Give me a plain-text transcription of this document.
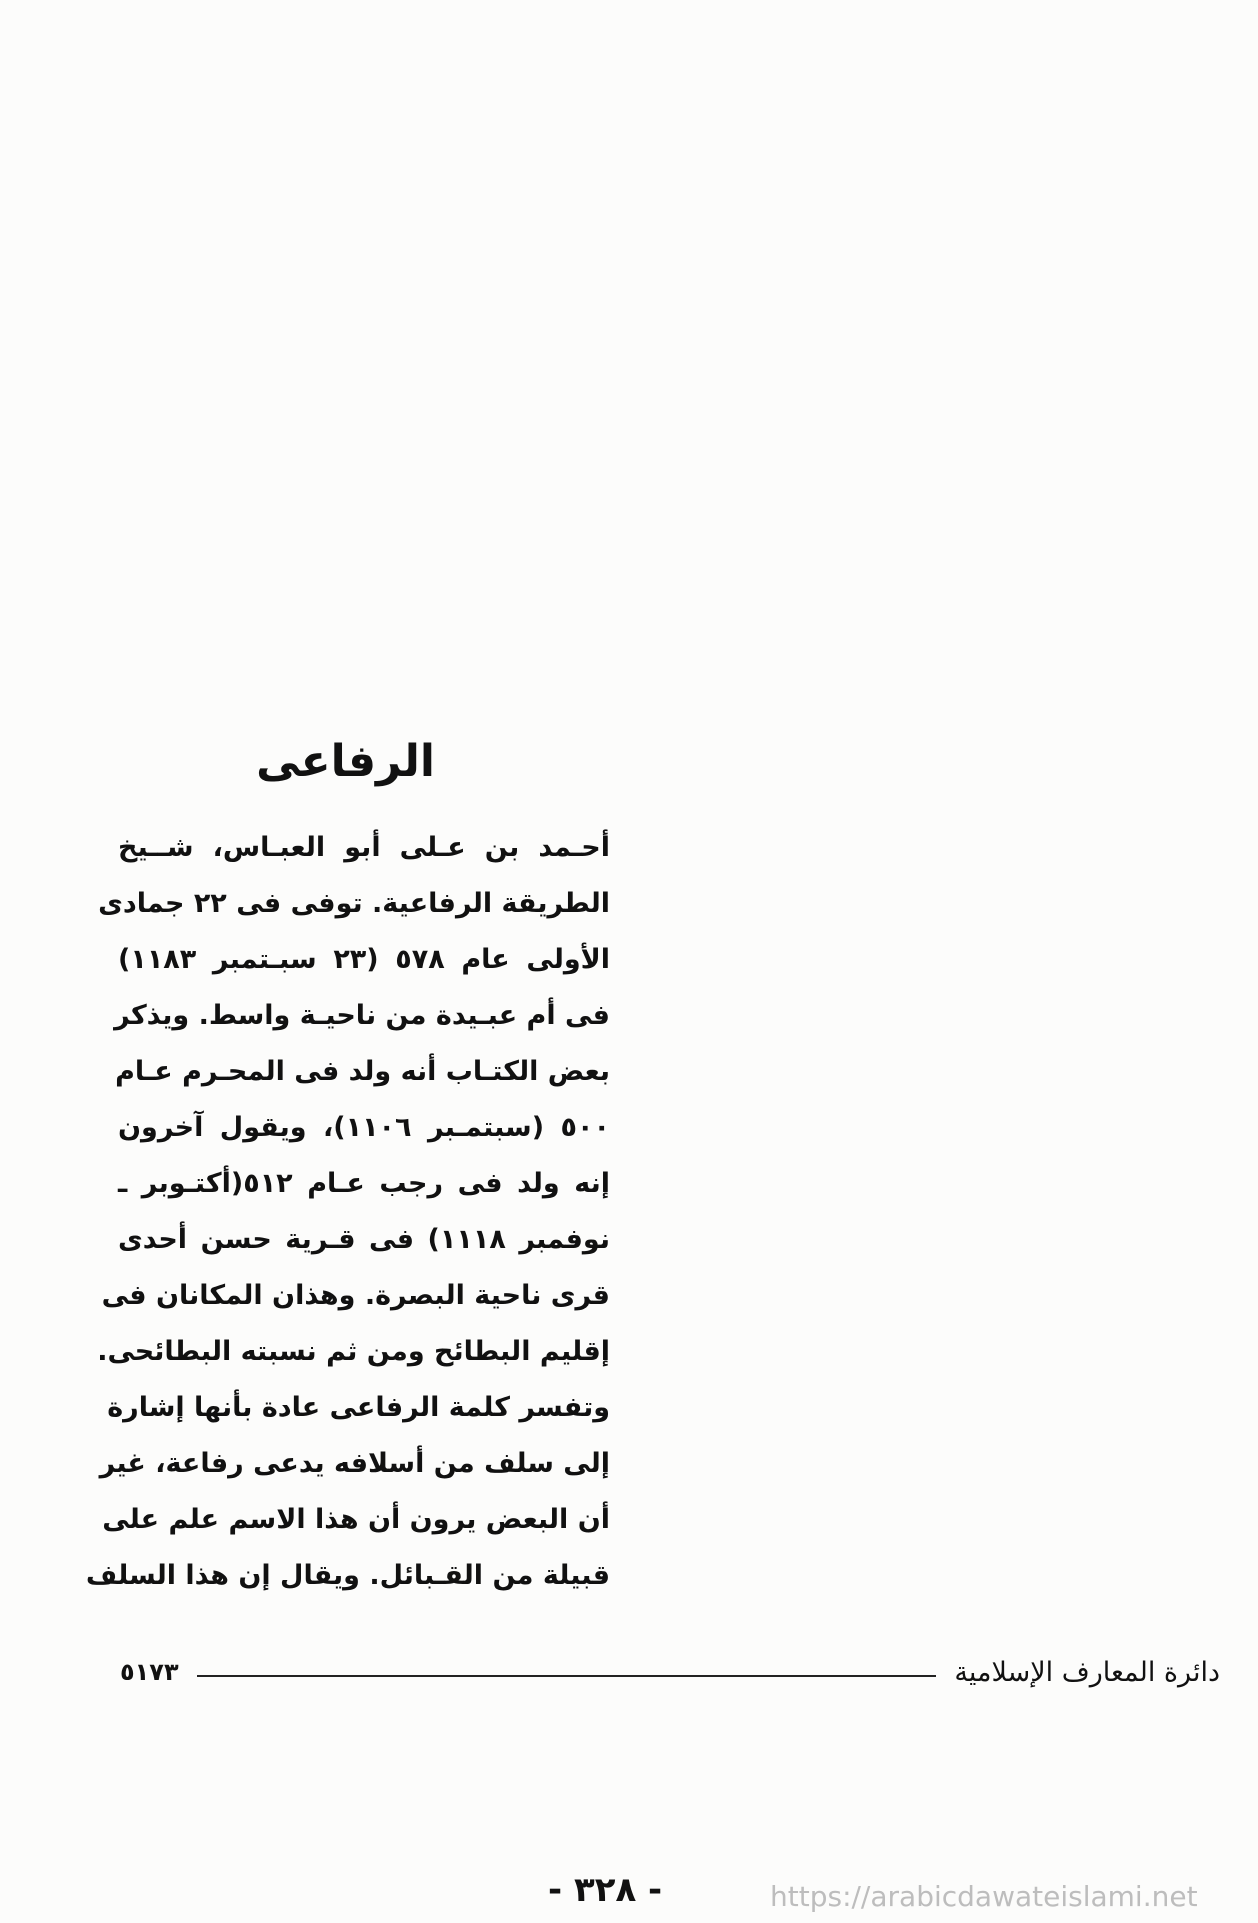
الرفاعى
أحـمد بن عـلى أبو العبـاس، شــيخ
الطريقة الرفاعية. توفى فى ٢٢ جمادى
الأولى عام ٥٧٨ (٢٣ سبـتمبر ١١٨٣)
فى أم عبـيدة من ناحيـة واسط. ويذكر
بعض الكتـاب أنه ولد فى المحـرم عـام
٥٠٠ (سبتمـبر ١١٠٦)، ويقول آخرون
إنه ولد فى رجب عـام ٥١٢(أكتـوبر ـ
نوفمبر ١١١٨) فى قـرية حسن أحدى
قرى ناحية البصرة. وهذان المكانان فى
إقليم البطائح ومن ثم نسبته البطائحى.
وتفسر كلمة الرفاعى عادة بأنها إشارة
إلى سلف من أسلافه يدعى رفاعة، غير
أن البعض يرون أن هذا الاسم علم على
قبيلة من القـبائل. ويقال إن هذا السلف
٥١٧٣	دائرة المعارف الإسلامية
- ٣٢٨ -	https://arabicdawateislami.net
